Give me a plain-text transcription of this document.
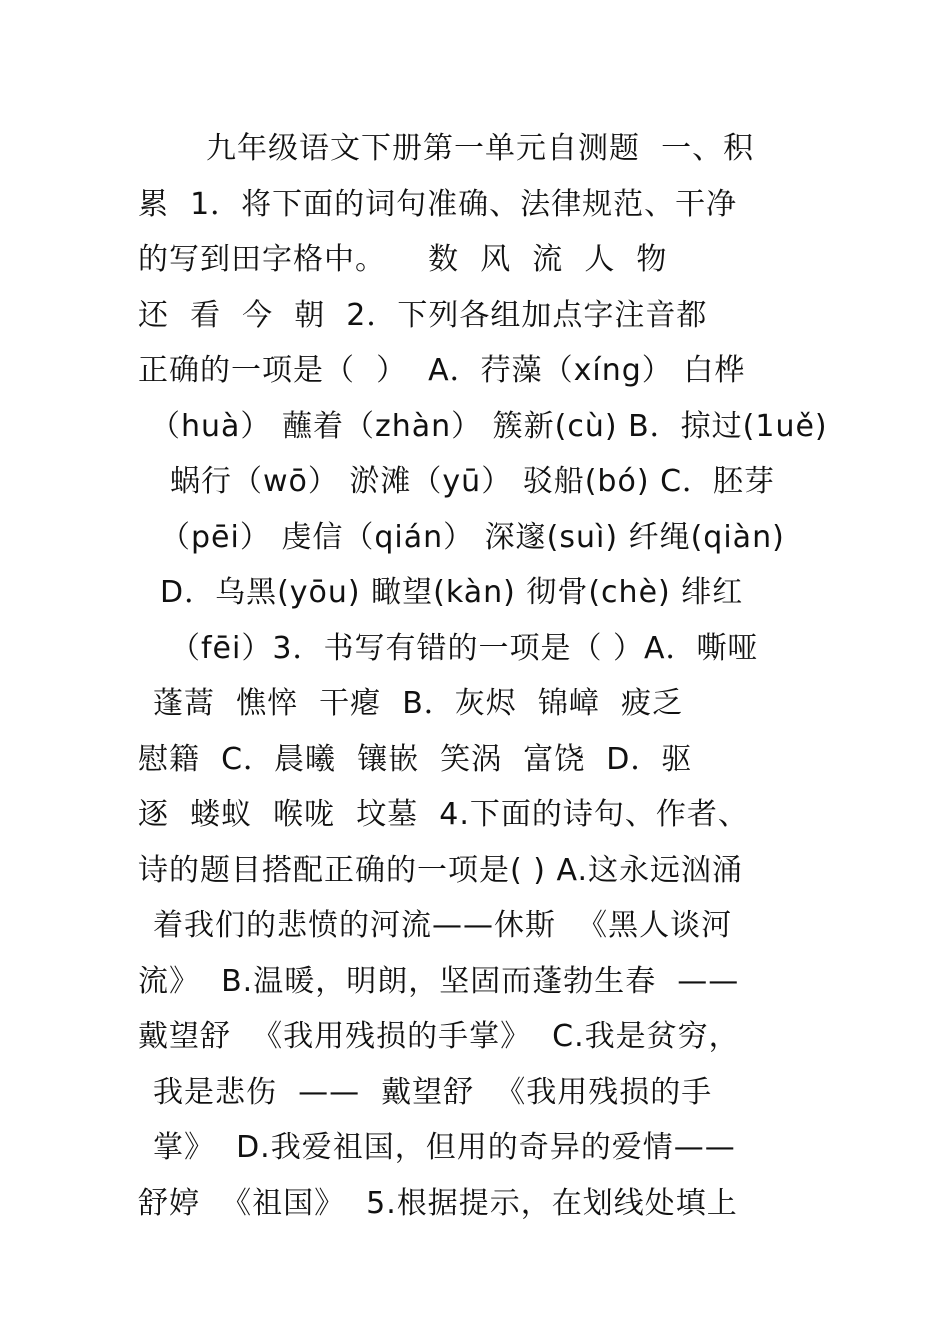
九年级语文下册第一单元自测题  一、积
累  1．将下面的词句准确、法律规范、干净
的写到田字格中。    数  风  流  人  物
还  看  今  朝  2．下列各组加点字注音都
正确的一项是（  ）  A．荇藻（xíng） 白桦
（huà） 蘸着（zhàn） 簇新(cù) B．掠过(1uě)
蜗行（wō） 淤滩（yū） 驳船(bó) C．胚芽
（pēi） 虔信（qián） 深邃(suì) 纤绳(qiàn)
D．乌黑(yōu) 瞰望(kàn) 彻骨(chè) 绯红
（fēi）3．书写有错的一项是（ ）A．嘶哑
蓬蒿  憔悴  干瘪  B．灰烬  锦嶂  疲乏
慰籍  C．晨曦  镶嵌  笑涡  富饶  D．驱
逐  蝼蚁  喉咙  坟墓  4.下面的诗句、作者、
诗的题目搭配正确的一项是( ) A.这永远汹涌
着我们的悲愤的河流——休斯  《黑人谈河
流》  B.温暖，明朗，坚固而蓬勃生春  ——
戴望舒  《我用残损的手掌》  C.我是贫穷，
我是悲伤  ——  戴望舒  《我用残损的手
掌》  D.我爱祖国，但用的奇异的爱情——
舒婷  《祖国》  5.根据提示，在划线处填上
